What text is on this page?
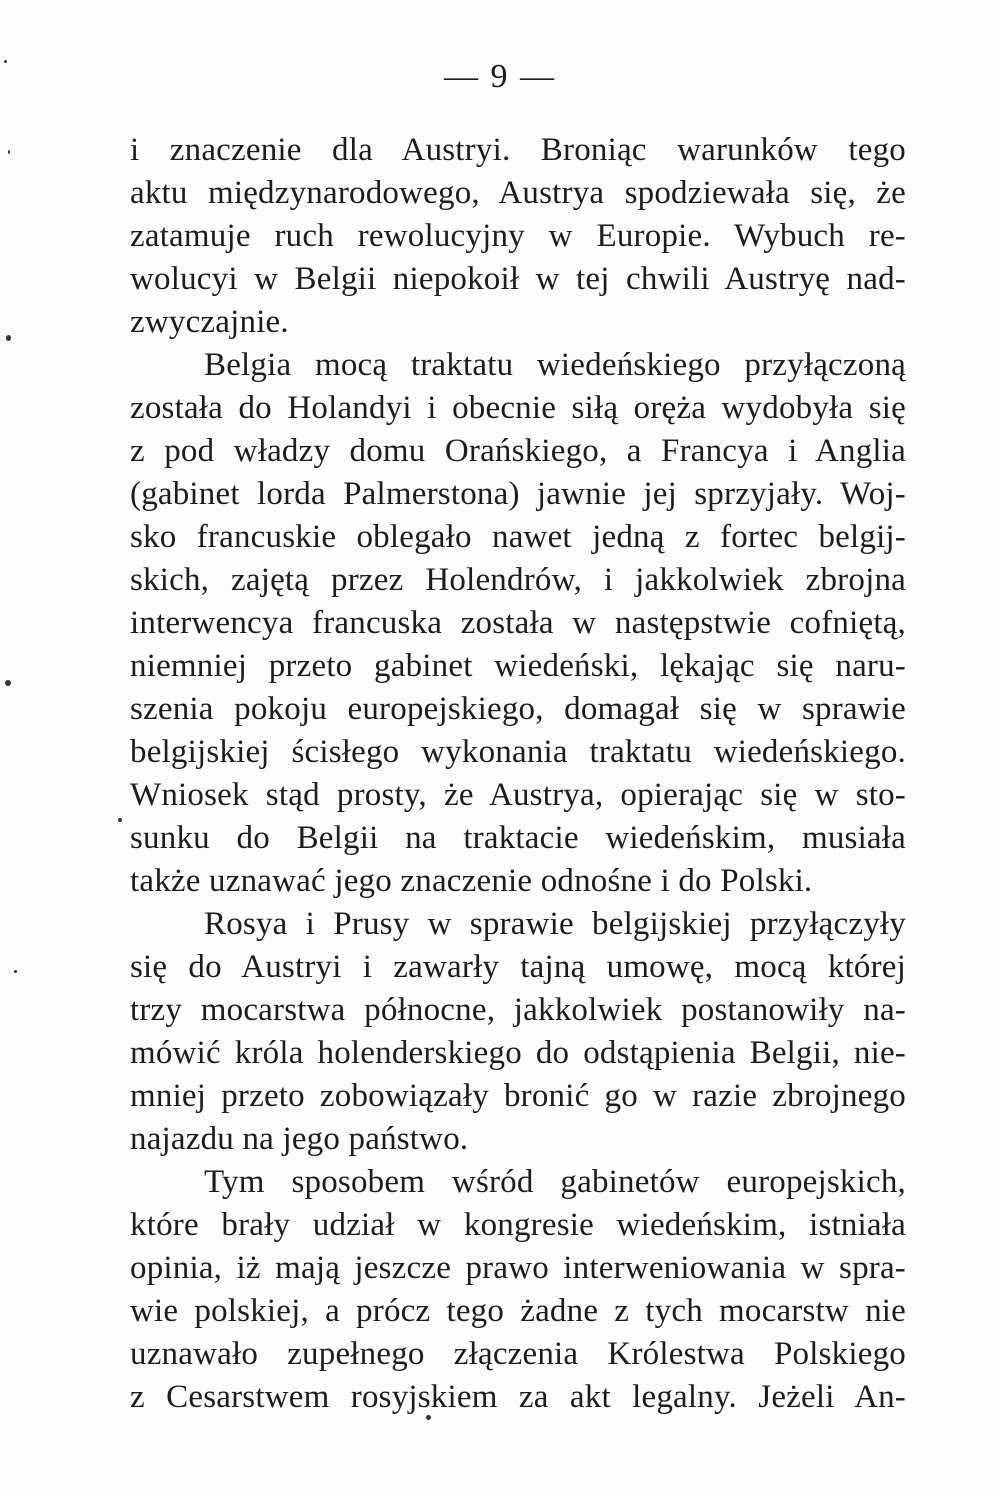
— 9 —
i znaczenie dla Austryi. Broniąc warunków tego
aktu międzynarodowego, Austrya spodziewała się, że
zatamuje ruch rewolucyjny w Europie. Wybuch re-
wolucyi w Belgii niepokoił w tej chwili Austryę nad-
zwyczajnie.
Belgia mocą traktatu wiedeńskiego przyłączoną
została do Holandyi i obecnie siłą oręża wydobyła się
z pod władzy domu Orańskiego, a Francya i Anglia
(gabinet lorda Palmerstona) jawnie jej sprzyjały. Woj-
sko francuskie oblegało nawet jedną z fortec belgij-
skich, zajętą przez Holendrów, i jakkolwiek zbrojna
interwencya francuska została w następstwie cofniętą,
niemniej przeto gabinet wiedeński, lękając się naru-
szenia pokoju europejskiego, domagał się w sprawie
belgijskiej ścisłego wykonania traktatu wiedeńskiego.
Wniosek stąd prosty, że Austrya, opierając się w sto-
sunku do Belgii na traktacie wiedeńskim, musiała
także uznawać jego znaczenie odnośne i do Polski.
Rosya i Prusy w sprawie belgijskiej przyłączyły
się do Austryi i zawarły tajną umowę, mocą której
trzy mocarstwa północne, jakkolwiek postanowiły na-
mówić króla holenderskiego do odstąpienia Belgii, nie-
mniej przeto zobowiązały bronić go w razie zbrojnego
najazdu na jego państwo.
Tym sposobem wśród gabinetów europejskich,
które brały udział w kongresie wiedeńskim, istniała
opinia, iż mają jeszcze prawo interweniowania w spra-
wie polskiej, a prócz tego żadne z tych mocarstw nie
uznawało zupełnego złączenia Królestwa Polskiego
z Cesarstwem rosyjskiem za akt legalny. Jeżeli An-
